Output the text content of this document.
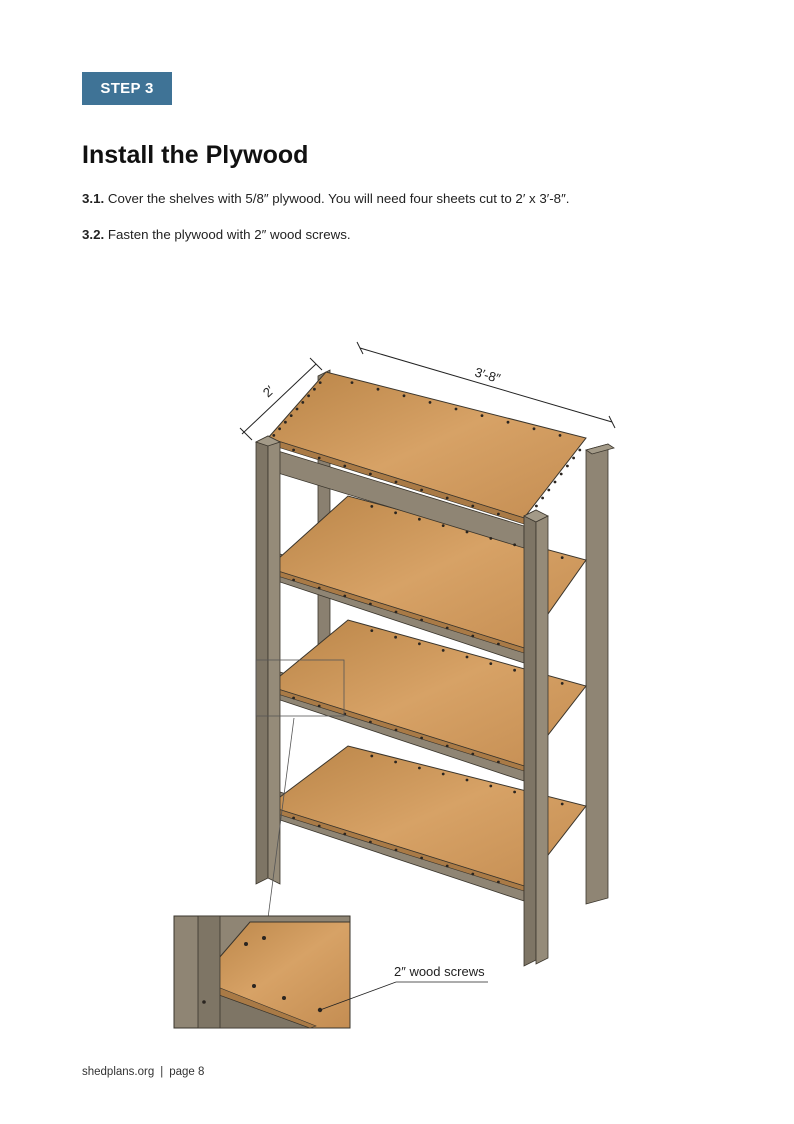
STEP 3
Install the Plywood
3.1. Cover the shelves with 5/8″ plywood. You will need four sheets cut to 2′ x 3′-8″.
3.2. Fasten the plywood with 2″ wood screws.
2′
3′-8″
2″ wood screws
shedplans.org | page 8
